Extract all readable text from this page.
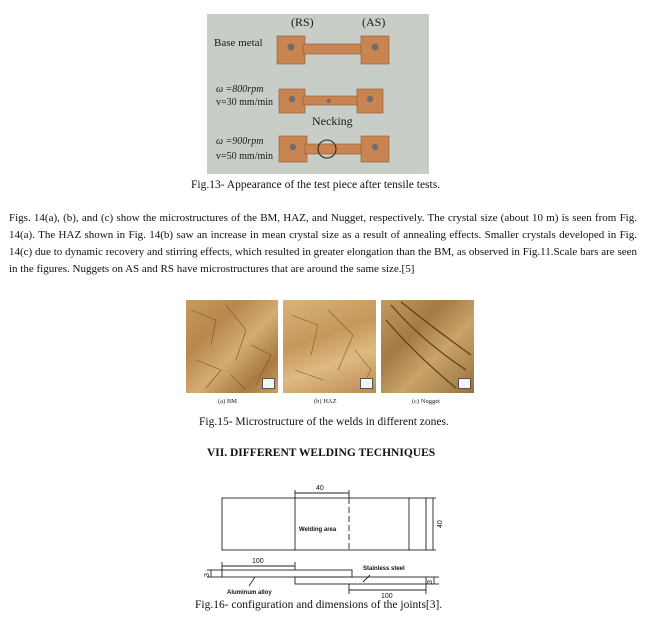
(RS)	(AS)
Base metal
ω =800rpm
v=30 mm/min
Necking
ω =900rpm
v=50 mm/min
Fig.13- Appearance of the test piece after tensile tests.
Figs. 14(a), (b), and (c) show the microstructures of the BM, HAZ, and Nugget, respectively. The crystal size (about 10 m) is seen from Fig. 14(a). The HAZ shown in Fig. 14(b) saw an increase in mean crystal size as a result of annealing effects. Smaller crystals developed in Fig. 14(c) due to dynamic recovery and stirring effects, which resulted in greater elongation than the BM, as observed in Fig.11.Scale bars are seen in the figures. Nuggets on AS and RS have microstructures that are around the same size.[5]
(a) BM	(b) HAZ	(c) Nugget
Fig.15- Microstructure of the welds in different zones.
VII. DIFFERENT WELDING TECHNIQUES
40
40
Welding area
100
100
Stainless steel
Aluminum alloy
3
3
Fig.16- configuration and dimensions of the joints[3].
